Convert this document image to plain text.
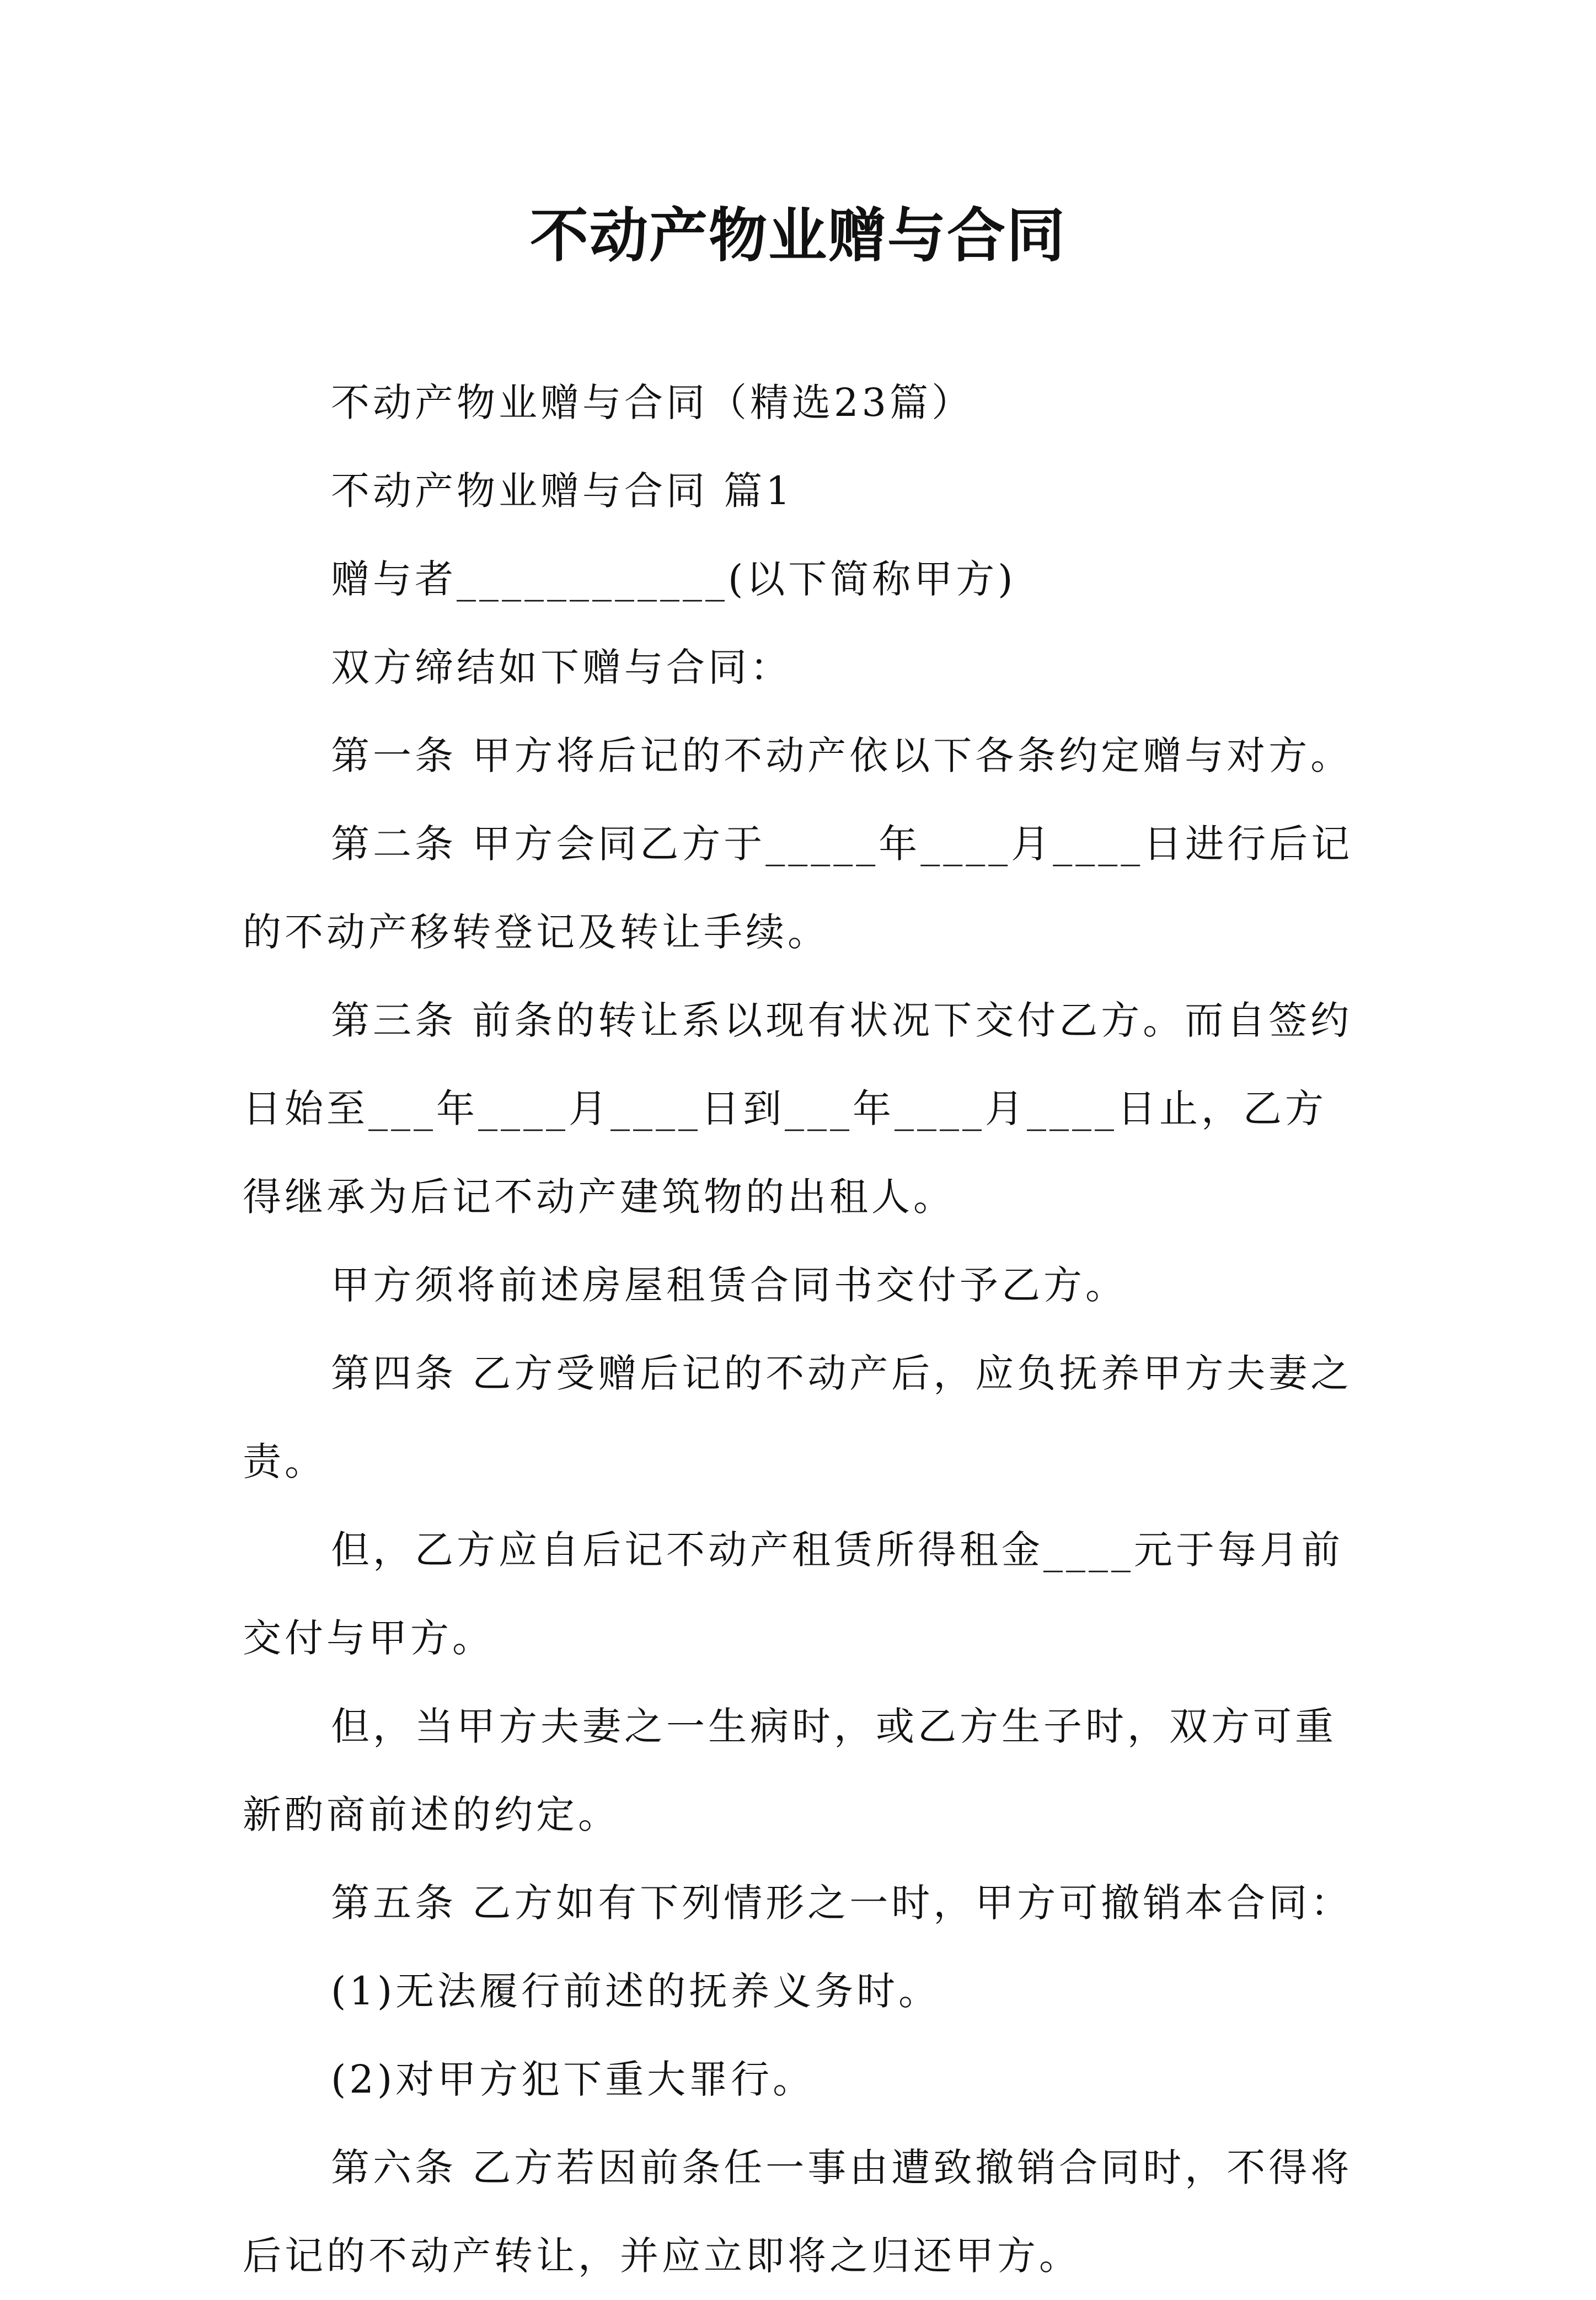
不动产物业赠与合同

不动产物业赠与合同（精选23篇）

不动产物业赠与合同 篇1

赠与者____________(以下简称甲方)

双方缔结如下赠与合同：

第一条 甲方将后记的不动产依以下各条约定赠与对方。

第二条 甲方会同乙方于_____年____月____日进行后记的不动产移转登记及转让手续。

第三条 前条的转让系以现有状况下交付乙方。而自签约日始至___年____月____日到___年____月____日止，乙方得继承为后记不动产建筑物的出租人。

甲方须将前述房屋租赁合同书交付予乙方。

第四条 乙方受赠后记的不动产后，应负抚养甲方夫妻之责。

但，乙方应自后记不动产租赁所得租金____元于每月前交付与甲方。

但，当甲方夫妻之一生病时，或乙方生子时，双方可重新酌商前述的约定。

第五条 乙方如有下列情形之一时，甲方可撤销本合同：

(1)无法履行前述的抚养义务时。

(2)对甲方犯下重大罪行。

第六条 乙方若因前条任一事由遭致撤销合同时，不得将后记的不动产转让，并应立即将之归还甲方。
